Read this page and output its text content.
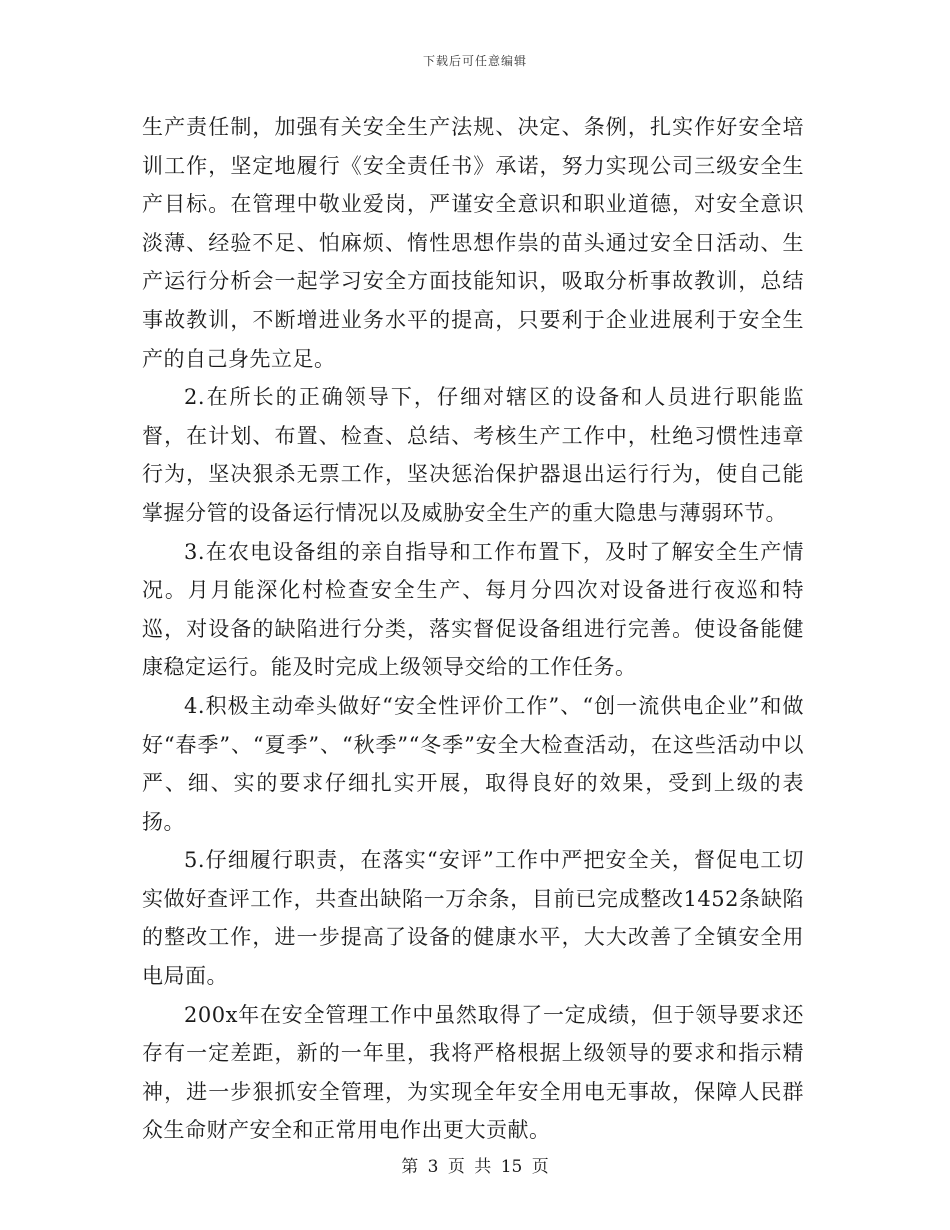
下载后可任意编辑

生产责任制，加强有关安全生产法规、决定、条例，扎实作好安全培训工作，坚定地履行《安全责任书》承诺，努力实现公司三级安全生产目标。在管理中敬业爱岗，严谨安全意识和职业道德，对安全意识淡薄、经验不足、怕麻烦、惰性思想作祟的苗头通过安全日活动、生产运行分析会一起学习安全方面技能知识，吸取分析事故教训，总结事故教训，不断增进业务水平的提高，只要利于企业进展利于安全生产的自己身先立足。

2.在所长的正确领导下，仔细对辖区的设备和人员进行职能监督，在计划、布置、检查、总结、考核生产工作中，杜绝习惯性违章行为，坚决狠杀无票工作，坚决惩治保护器退出运行行为，使自己能掌握分管的设备运行情况以及威胁安全生产的重大隐患与薄弱环节。

3.在农电设备组的亲自指导和工作布置下，及时了解安全生产情况。月月能深化村检查安全生产、每月分四次对设备进行夜巡和特巡，对设备的缺陷进行分类，落实督促设备组进行完善。使设备能健康稳定运行。能及时完成上级领导交给的工作任务。

4.积极主动牵头做好“安全性评价工作”、“创一流供电企业”和做好“春季”、“夏季”、“秋季”“冬季”安全大检查活动，在这些活动中以严、细、实的要求仔细扎实开展，取得良好的效果，受到上级的表扬。

5.仔细履行职责，在落实“安评”工作中严把安全关，督促电工切实做好查评工作，共查出缺陷一万余条，目前已完成整改1452条缺陷的整改工作，进一步提高了设备的健康水平，大大改善了全镇安全用电局面。

200x年在安全管理工作中虽然取得了一定成绩，但于领导要求还存有一定差距，新的一年里，我将严格根据上级领导的要求和指示精神，进一步狠抓安全管理，为实现全年安全用电无事故，保障人民群众生命财产安全和正常用电作出更大贡献。

第 3 页 共 15 页
